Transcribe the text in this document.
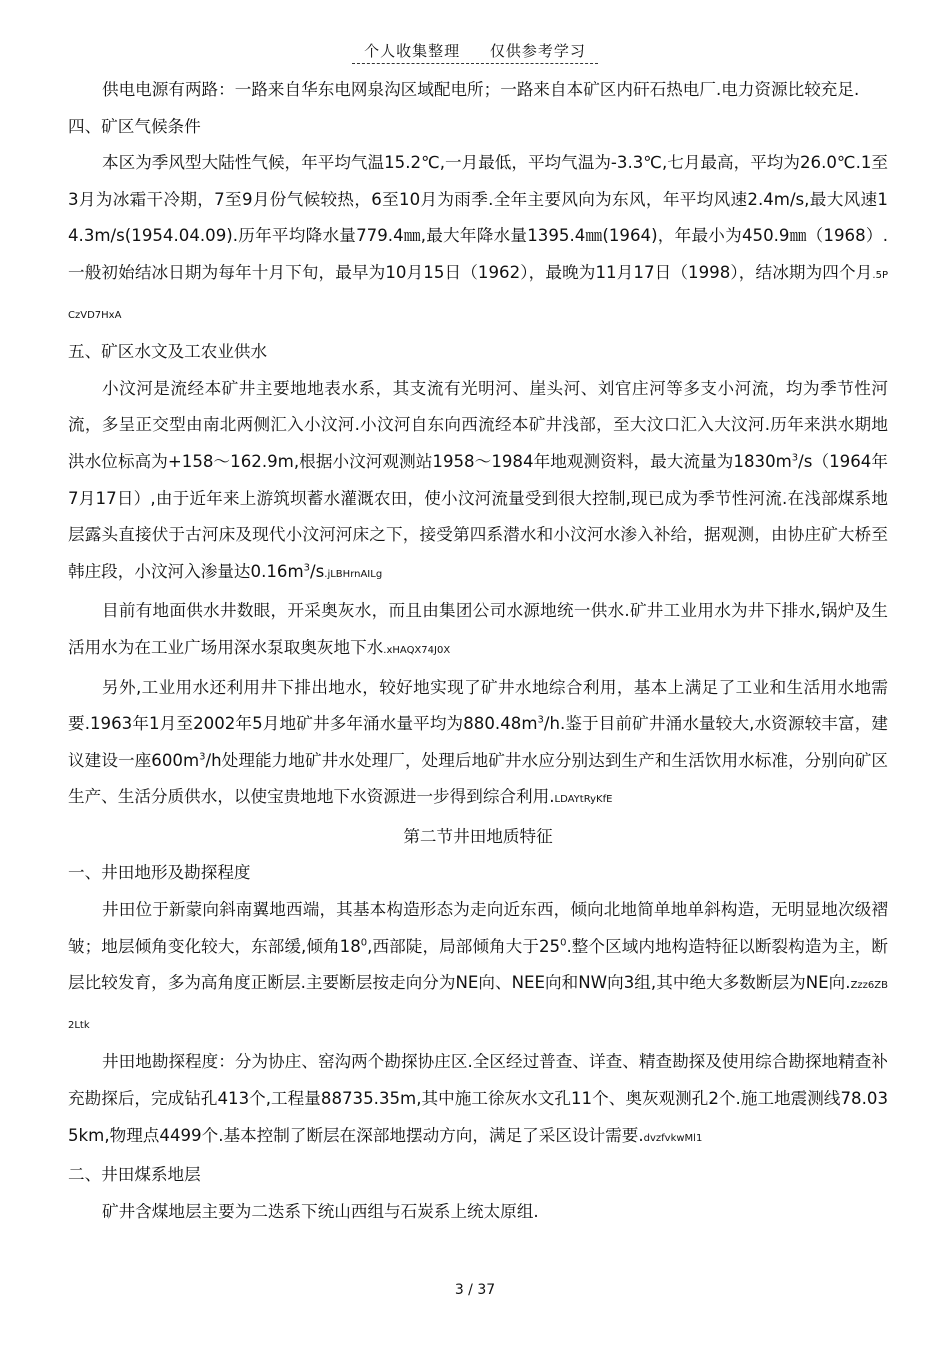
个人收集整理 仅供参考学习

供电电源有两路：一路来自华东电网泉沟区域配电所；一路来自本矿区内矸石热电厂.电力资源比较充足.

四、矿区气候条件

本区为季风型大陆性气候，年平均气温15.2℃,一月最低，平均气温为-3.3℃,七月最高，平均为26.0℃.1至3月为冰霜干冷期，7至9月份气候较热，6至10月为雨季.全年主要风向为东风，年平均风速2.4m/s,最大风速14.3m/s(1954.04.09).历年平均降水量779.4㎜,最大年降水量1395.4㎜(1964)，年最小为450.9㎜（1968）.一般初始结冰日期为每年十月下旬，最早为10月15日（1962），最晚为11月17日（1998），结冰期为四个月.5PCzVD7HxA

五、矿区水文及工农业供水

小汶河是流经本矿井主要地地表水系，其支流有光明河、崖头河、刘官庄河等多支小河流，均为季节性河流，多呈正交型由南北两侧汇入小汶河.小汶河自东向西流经本矿井浅部，至大汶口汇入大汶河.历年来洪水期地洪水位标高为+158～162.9m,根据小汶河观测站1958～1984年地观测资料，最大流量为$1830m^3/s(1964$年7月17日）,由于近年来上游筑坝蓄水灌溉农田，使小汶河流量受到很大控制,现已成为季节性河流.在浅部煤系地层露头直接伏于古河床及现代小汶河河床之下，接受第四系潜水和小汶河水渗入补给，据观测，由协庄矿大桥至韩庄段，小汶河入渗量达$0.16m^3/s.jLBHrnAILg$

目前有地面供水井数眼，开采奥灰水，而且由集团公司水源地统一供水.矿井工业用水为井下排水,锅炉及生活用水为在工业广场用深水泵取奥灰地下水.xHAQX74J0X

另外,工业用水还利用井下排出地水，较好地实现了矿井水地综合利用，基本上满足了工业和生活用水地需要.1963年1月至2002年5月地矿井多年涌水量平均为$880.48m^3/h$.鉴于目前矿井涌水量较大,水资源较丰富，建议建设一座$600m^3/h$处理能力地矿井水处理厂，处理后地矿井水应分别达到生产和生活饮用水标准，分别向矿区生产、生活分质供水，以使宝贵地地下水资源进一步得到综合利用.LDAYtRyKfE

第二节井田地质特征

一、井田地形及勘探程度

井田位于新蒙向斜南翼地西端，其基本构造形态为走向近东西，倾向北地简单地单斜构造，无明显地次级褶皱；地层倾角变化较大，东部缓,倾角$18^0$,西部陡，局部倾角大于$25^0$.整个区域内地构造特征以断裂构造为主，断层比较发育，多为高角度正断层.主要断层按走向分为NE向、NEE向和NW向3组,其中绝大多数断层为NE向.Zzz6ZB2Ltk

井田地勘探程度：分为协庄、窑沟两个勘探协庄区.全区经过普查、详查、精查勘探及使用综合勘探地精查补充勘探后，完成钻孔413个,工程量88735.35m,其中施工徐灰水文孔11个、奥灰观测孔2个.施工地震测线78.035km,物理点4499个.基本控制了断层在深部地摆动方向，满足了采区设计需要.dvzfvkwMl1

二、井田煤系地层

矿井含煤地层主要为二迭系下统山西组与石炭系上统太原组.

3 / 37
